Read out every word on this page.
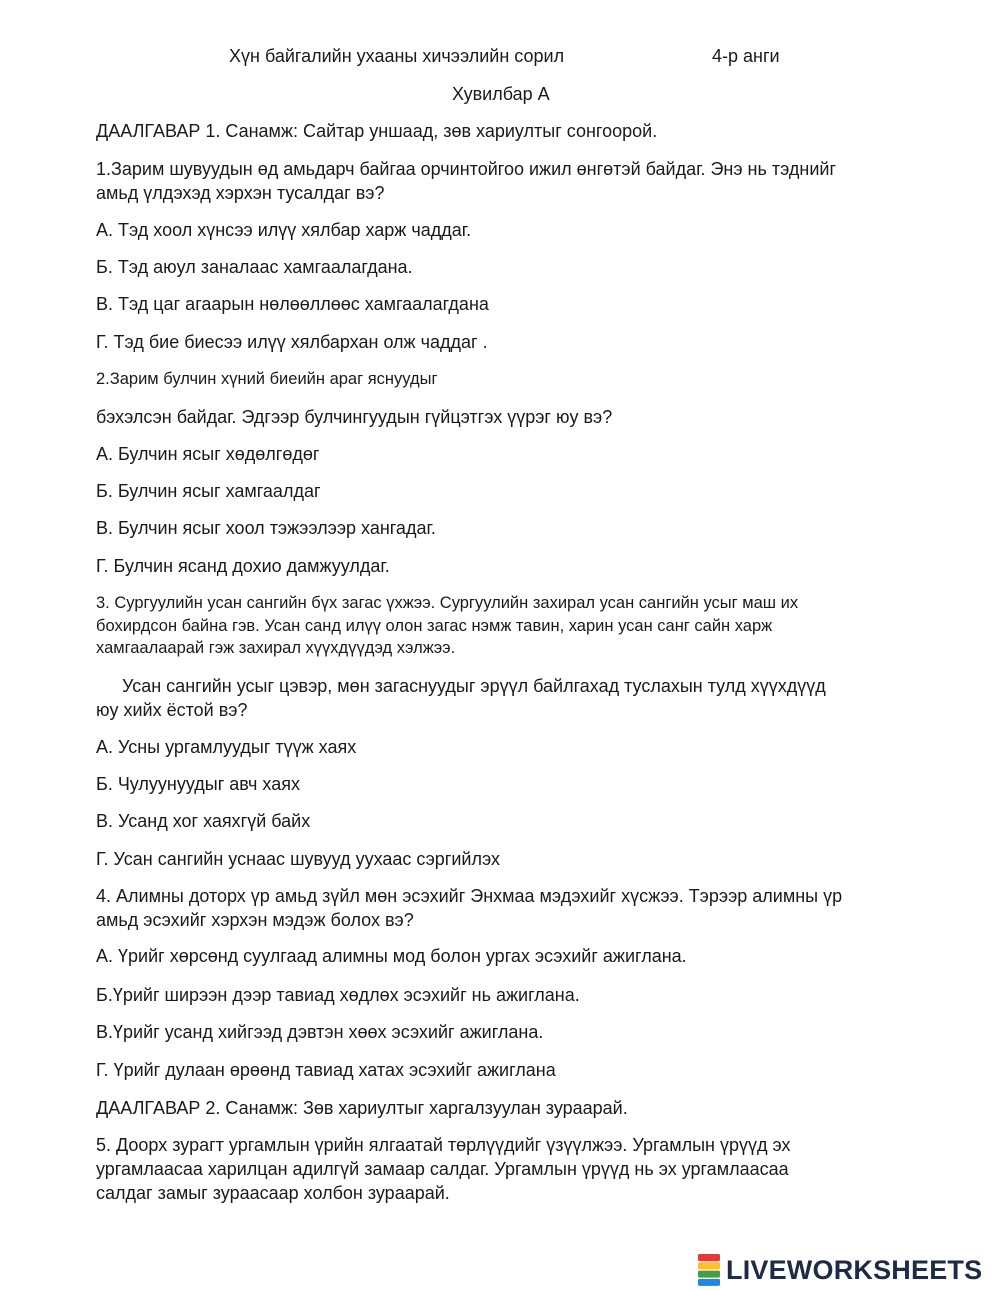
Хүн байгалийн ухааны хичээлийн сорил	4-р анги

Хувилбар А

ДААЛГАВАР 1. Санамж: Сайтар уншаад, зөв хариултыг сонгоорой.

1.Зарим шувуудын өд амьдарч байгаа орчинтойгоо ижил өнгөтэй байдаг. Энэ нь тэднийг

амьд үлдэхэд хэрхэн тусалдаг вэ?

А. Тэд хоол хүнсээ илүү хялбар харж чаддаг.

Б. Тэд аюул заналаас хамгаалагдана.

В. Тэд цаг агаарын нөлөөллөөс хамгаалагдана

Г. Тэд бие биесээ илүү хялбархан олж чаддаг .

2.Зарим булчин хүний биеийн араг яснуудыг

бэхэлсэн байдаг. Эдгээр булчингуудын гүйцэтгэх үүрэг юу вэ?

А. Булчин ясыг хөдөлгөдөг

Б. Булчин ясыг хамгаалдаг

В. Булчин ясыг хоол тэжээлээр хангадаг.

Г. Булчин ясанд дохио дамжуулдаг.

3. Сургуулийн усан сангийн бүх загас үхжээ. Сургуулийн захирал усан сангийн усыг маш их

бохирдсон байна гэв. Усан санд илүү олон загас нэмж тавин, харин усан санг сайн харж

хамгаалаарай гэж захирал хүүхдүүдэд хэлжээ.

Усан сангийн усыг цэвэр, мөн загаснуудыг эрүүл байлгахад туслахын тулд хүүхдүүд

юу хийх ёстой вэ?

А. Усны ургамлуудыг түүж хаях

Б. Чулуунуудыг авч хаях

В. Усанд хог хаяхгүй байх

Г. Усан сангийн уснаас шувууд уухаас сэргийлэх

4. Алимны доторх үр амьд зүйл мөн эсэхийг Энхмаа мэдэхийг хүсжээ. Тэрээр алимны үр

амьд эсэхийг хэрхэн мэдэж болох вэ?

А. Үрийг хөрсөнд суулгаад алимны мод болон ургах эсэхийг ажиглана.

Б.Үрийг ширээн дээр тавиад хөдлөх эсэхийг нь ажиглана.

В.Үрийг усанд хийгээд дэвтэн хөөх эсэхийг ажиглана.

Г. Үрийг дулаан өрөөнд тавиад хатах эсэхийг ажиглана

ДААЛГАВАР 2. Санамж: Зөв хариултыг харгалзуулан зураарай.

5. Доорх зурагт ургамлын үрийн ялгаатай төрлүүдийг үзүүлжээ. Ургамлын үрүүд эх

ургамлаасаа харилцан адилгүй замаар салдаг. Ургамлын үрүүд нь эх ургамлаасаа

салдаг замыг зураасаар холбон зураарай.

LIVEWORKSHEETS
